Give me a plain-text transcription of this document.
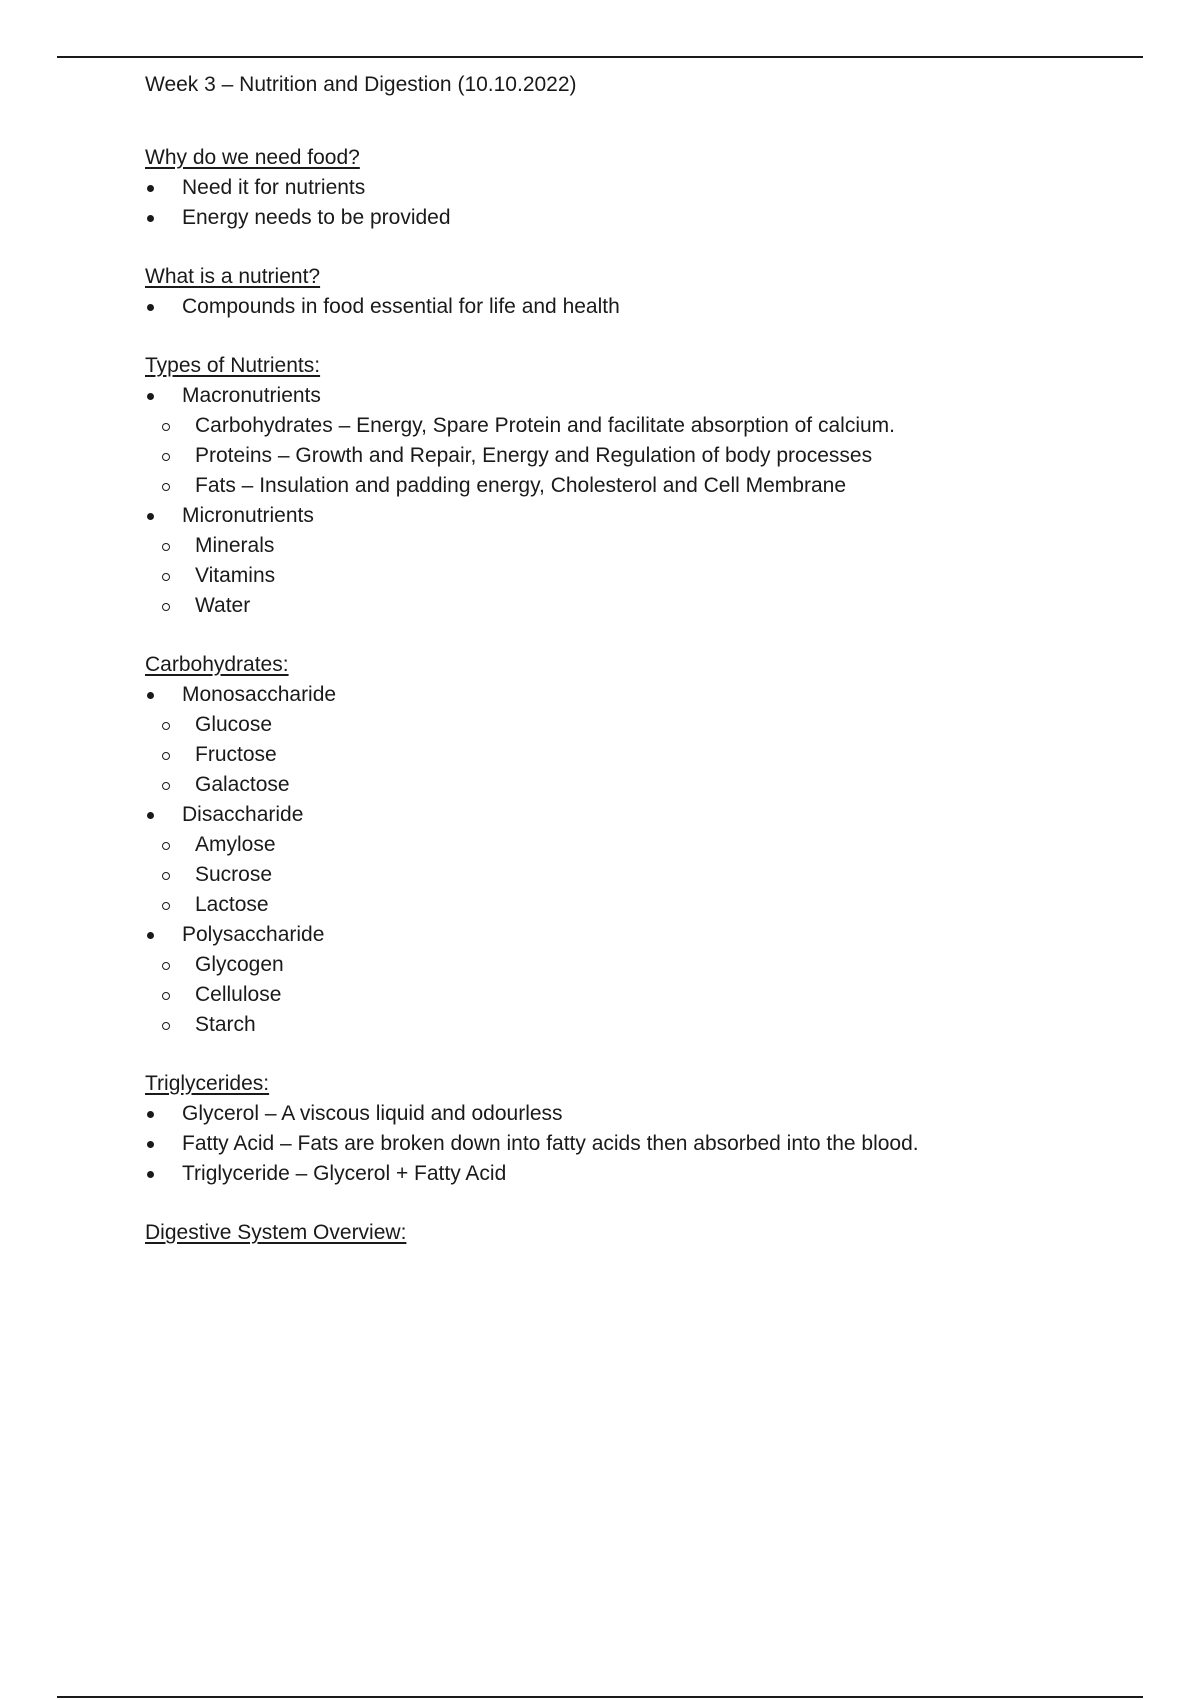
Week 3 – Nutrition and Digestion (10.10.2022)
Why do we need food?
Need it for nutrients
Energy needs to be provided
What is a nutrient?
Compounds in food essential for life and health
Types of Nutrients:
Macronutrients
Carbohydrates – Energy, Spare Protein and facilitate absorption of calcium.
Proteins – Growth and Repair, Energy and Regulation of body processes
Fats – Insulation and padding energy, Cholesterol and Cell Membrane
Micronutrients
Minerals
Vitamins
Water
Carbohydrates:
Monosaccharide
Glucose
Fructose
Galactose
Disaccharide
Amylose
Sucrose
Lactose
Polysaccharide
Glycogen
Cellulose
Starch
Triglycerides:
Glycerol – A viscous liquid and odourless
Fatty Acid – Fats are broken down into fatty acids then absorbed into the blood.
Triglyceride – Glycerol + Fatty Acid
Digestive System Overview:
